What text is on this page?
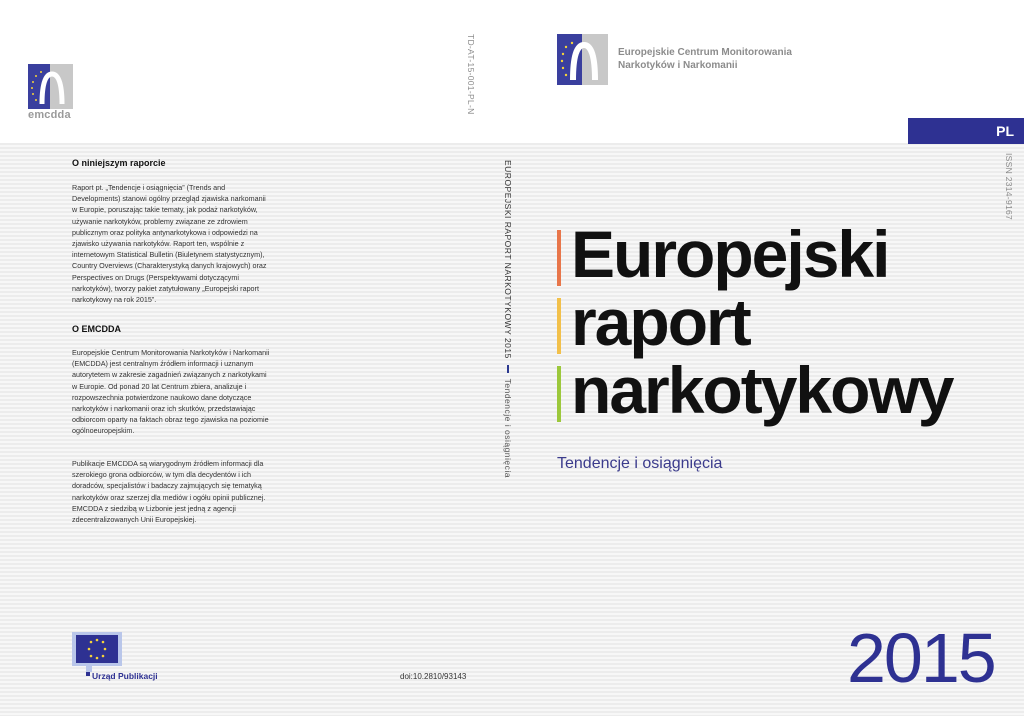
emcdda
TD-AT-15-001-PL-N
EUROPEJSKI RAPORT NARKOTYKOWY 2015  Tendencje i osiągnięcia
Europejskie Centrum Monitorowania
Narkotyków i Narkomanii
PL
ISSN 2314-9167
O niniejszym raporcie
Raport pt. „Tendencje i osiągnięcia” (Trends and Developments) stanowi ogólny przegląd zjawiska narkomanii w Europie, poruszając takie tematy, jak podaż narkotyków, używanie narkotyków, problemy związane ze zdrowiem publicznym oraz polityka antynarkotykowa i odpowiedzi na zjawisko używania narkotyków. Raport ten, wspólnie z internetowym Statistical Bulletin (Biuletynem statystycznym), Country Overviews (Charakterystyką danych krajowych) oraz Perspectives on Drugs (Perspektywami dotyczącymi narkotyków), tworzy pakiet zatytułowany „Europejski raport narkotykowy na rok 2015”.
O EMCDDA
Europejskie Centrum Monitorowania Narkotyków i Narkomanii (EMCDDA) jest centralnym źródłem informacji i uznanym autorytetem w zakresie zagadnień związanych z narkotykami w Europie. Od ponad 20 lat Centrum zbiera, analizuje i rozpowszechnia potwierdzone naukowo dane dotyczące narkotyków i narkomanii oraz ich skutków, przedstawiając odbiorcom oparty na faktach obraz tego zjawiska na poziomie ogólnoeuropejskim.
Publikacje EMCDDA są wiarygodnym źródłem informacji dla szerokiego grona odbiorców, w tym dla decydentów i ich doradców, specjalistów i badaczy zajmujących się tematyką narkotyków oraz szerzej dla mediów i ogółu opinii publicznej. EMCDDA z siedzibą w Lizbonie jest jedną z agencji zdecentralizowanych Unii Europejskiej.
Europejski
raport
narkotykowy
Tendencje i osiągnięcia
2015
Urząd Publikacji	doi:10.2810/93143
